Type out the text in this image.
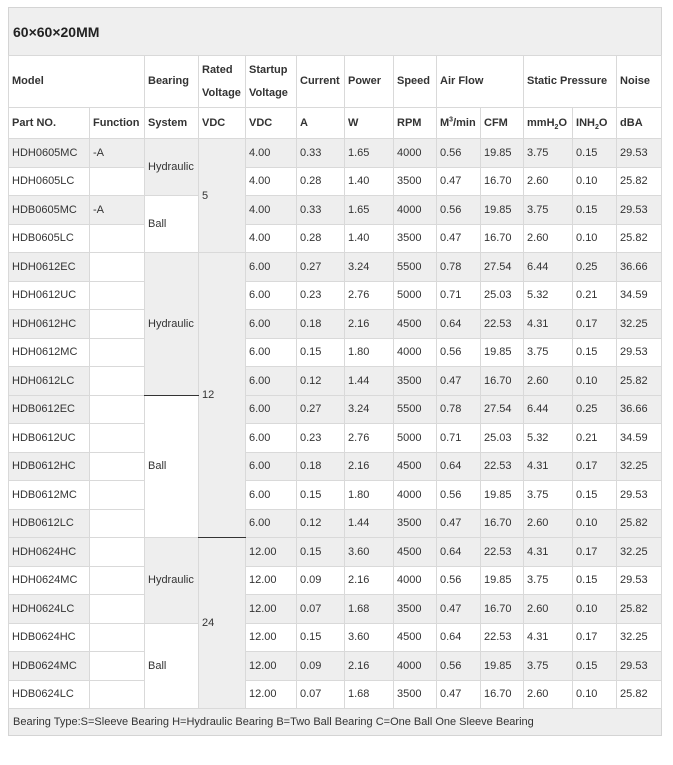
60×60×20MM
Model		Bearing	Rated Voltage	Startup Voltage	Current	Power	Speed	Air Flow		Static Pressure		Noise
Part NO.	Function	System	VDC	VDC	A	W	RPM	$M^3/\min$	CFM	mmH$_2$O	$INH_2O$	dBA
HDH0605MC	-A	Hydraulic	5	4.00	0.33	1.65	4000	0.56	19.85	3.75	0.15	29.53
HDH0605LC				4.00	0.28	1.40	3500	0.47	16.70	2.60	0.10	25.82
HDB0605MC	-A	Ball		4.00	0.33	1.65	4000	0.56	19.85	3.75	0.15	29.53
HDB0605LC				4.00	0.28	1.40	3500	0.47	16.70	2.60	0.10	25.82
HDH0612EC		Hydraulic	12	6.00	0.27	3.24	5500	0.78	27.54	6.44	0.25	36.66
HDH0612UC				6.00	0.23	2.76	5000	0.71	25.03	5.32	0.21	34.59
HDH0612HC				6.00	0.18	2.16	4500	0.64	22.53	4.31	0.17	32.25
HDH0612MC				6.00	0.15	1.80	4000	0.56	19.85	3.75	0.15	29.53
HDH0612LC				6.00	0.12	1.44	3500	0.47	16.70	2.60	0.10	25.82
HDB0612EC		Ball		6.00	0.27	3.24	5500	0.78	27.54	6.44	0.25	36.66
HDB0612UC				6.00	0.23	2.76	5000	0.71	25.03	5.32	0.21	34.59
HDB0612HC				6.00	0.18	2.16	4500	0.64	22.53	4.31	0.17	32.25
HDB0612MC				6.00	0.15	1.80	4000	0.56	19.85	3.75	0.15	29.53
HDB0612LC				6.00	0.12	1.44	3500	0.47	16.70	2.60	0.10	25.82
HDH0624HC		Hydraulic	24	12.00	0.15	3.60	4500	0.64	22.53	4.31	0.17	32.25
HDH0624MC				12.00	0.09	2.16	4000	0.56	19.85	3.75	0.15	29.53
HDH0624LC				12.00	0.07	1.68	3500	0.47	16.70	2.60	0.10	25.82
HDB0624HC		Ball		12.00	0.15	3.60	4500	0.64	22.53	4.31	0.17	32.25
HDB0624MC				12.00	0.09	2.16	4000	0.56	19.85	3.75	0.15	29.53
HDB0624LC				12.00	0.07	1.68	3500	0.47	16.70	2.60	0.10	25.82
Bearing Type:S=Sleeve Bearing H=Hydraulic Bearing B=Two Ball Bearing C=One Ball One Sleeve Bearing
